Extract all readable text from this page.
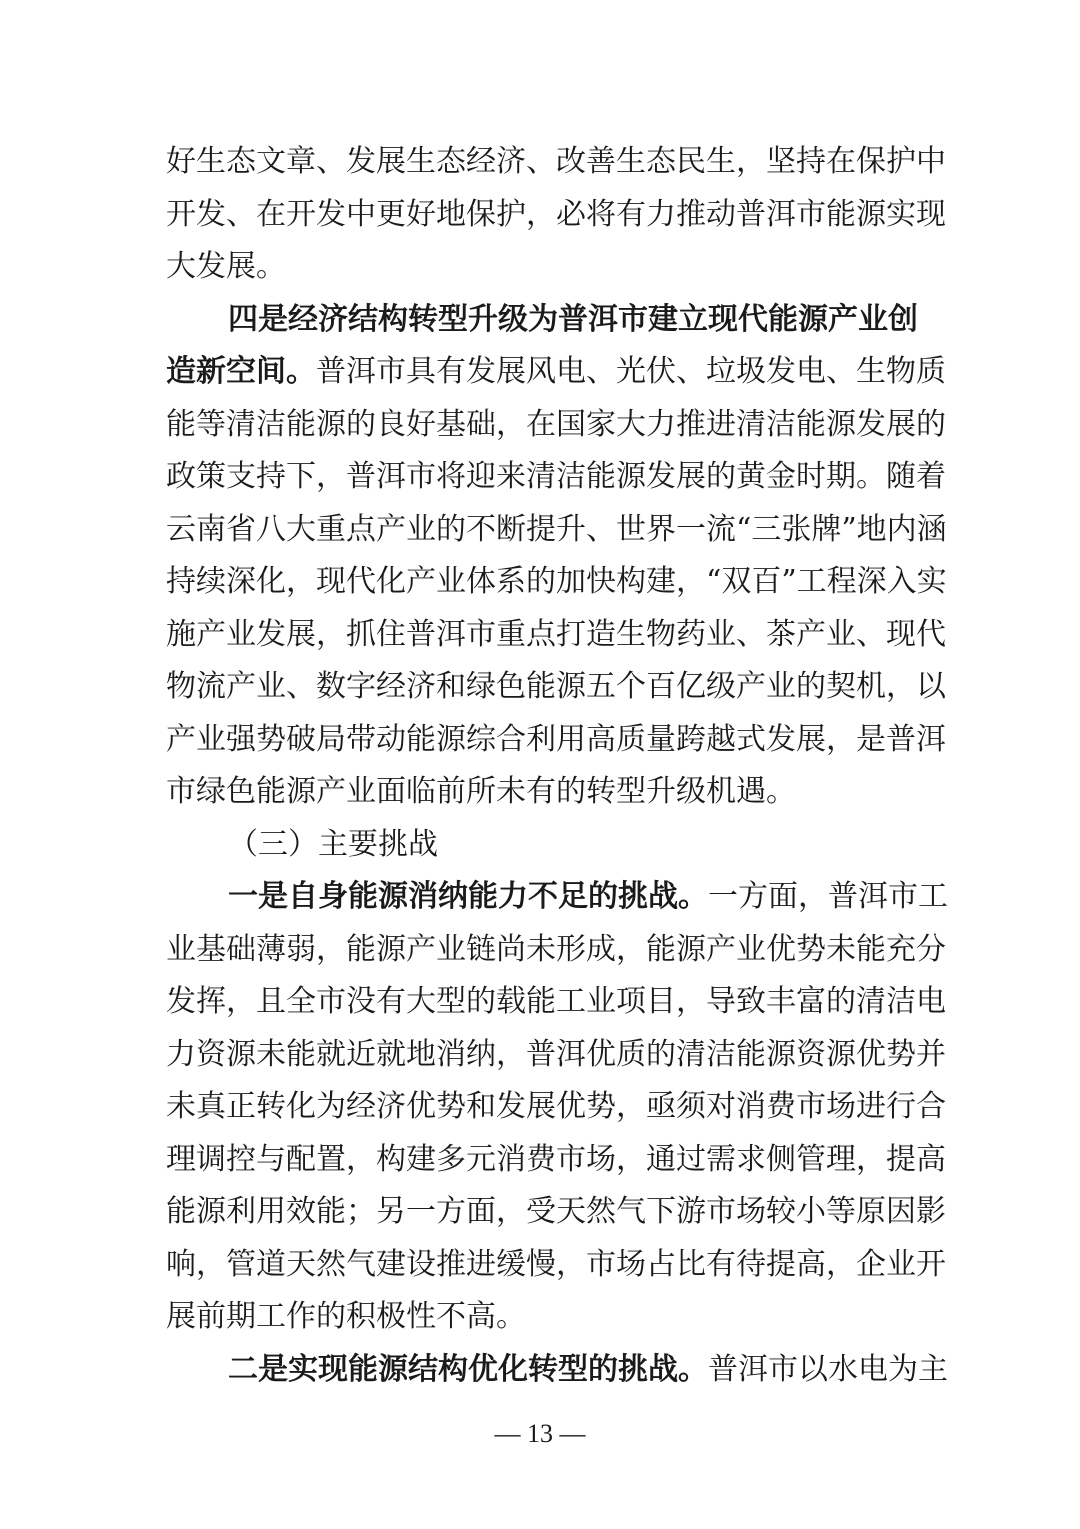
好生态文章、发展生态经济、改善生态民生，坚持在保护中
开发、在开发中更好地保护，必将有力推动普洱市能源实现
大发展。
四是经济结构转型升级为普洱市建立现代能源产业创
造新空间。普洱市具有发展风电、光伏、垃圾发电、生物质
能等清洁能源的良好基础，在国家大力推进清洁能源发展的
政策支持下，普洱市将迎来清洁能源发展的黄金时期。随着
云南省八大重点产业的不断提升、世界一流“三张牌”地内涵
持续深化，现代化产业体系的加快构建，“双百”工程深入实
施产业发展，抓住普洱市重点打造生物药业、茶产业、现代
物流产业、数字经济和绿色能源五个百亿级产业的契机，以
产业强势破局带动能源综合利用高质量跨越式发展，是普洱
市绿色能源产业面临前所未有的转型升级机遇。
（三）主要挑战
一是自身能源消纳能力不足的挑战。一方面，普洱市工
业基础薄弱，能源产业链尚未形成，能源产业优势未能充分
发挥，且全市没有大型的载能工业项目，导致丰富的清洁电
力资源未能就近就地消纳，普洱优质的清洁能源资源优势并
未真正转化为经济优势和发展优势，亟须对消费市场进行合
理调控与配置，构建多元消费市场，通过需求侧管理，提高
能源利用效能；另一方面，受天然气下游市场较小等原因影
响，管道天然气建设推进缓慢，市场占比有待提高，企业开
展前期工作的积极性不高。
二是实现能源结构优化转型的挑战。普洱市以水电为主
— 13 —
